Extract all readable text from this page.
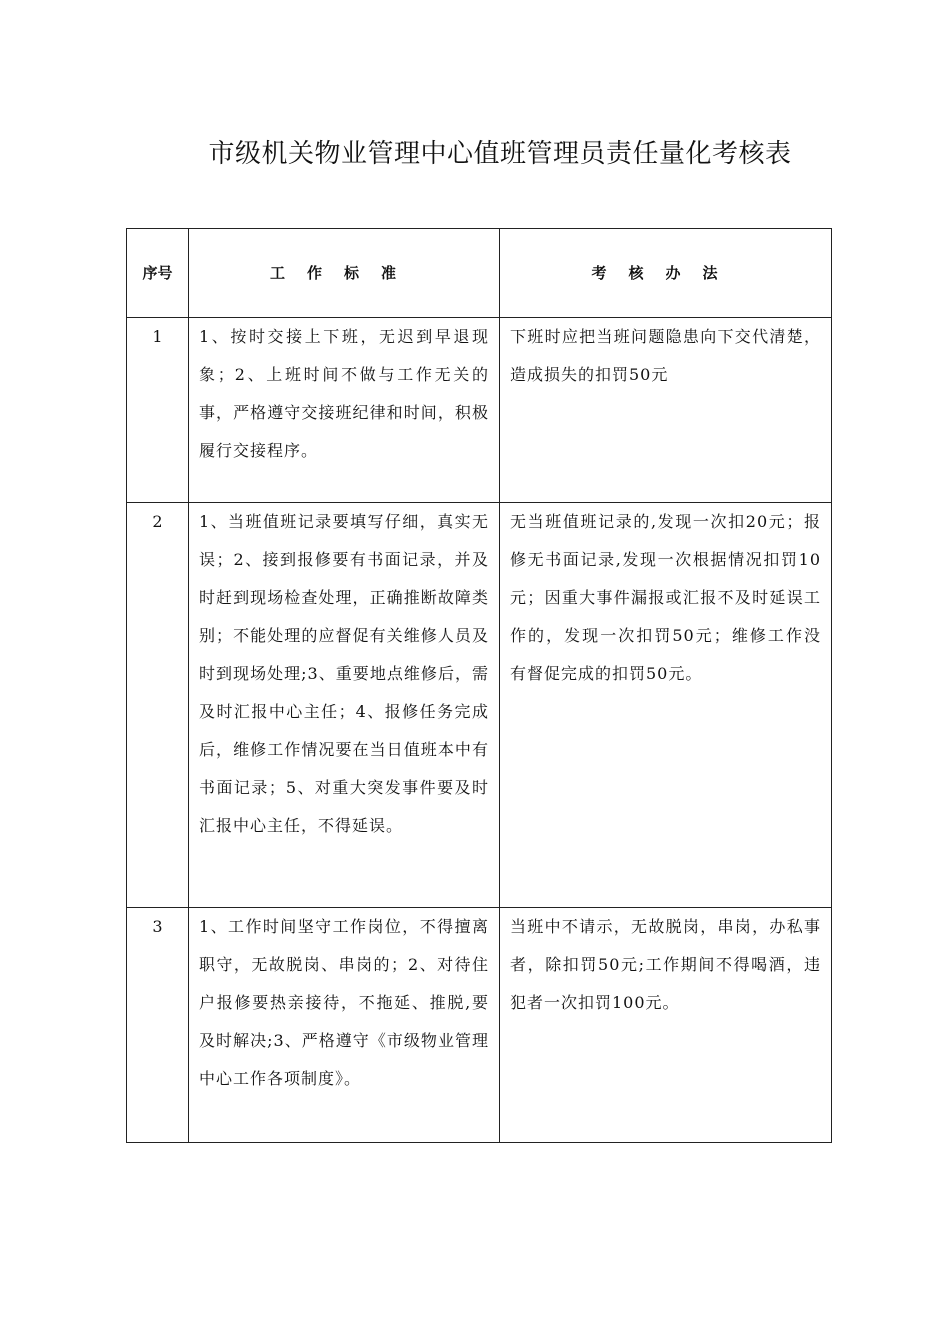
市级机关物业管理中心值班管理员责任量化考核表
序号	工作标准	考核办法
1	1、按时交接上下班，无迟到早退现象；2、上班时间不做与工作无关的事，严格遵守交接班纪律和时间，积极履行交接程序。	下班时应把当班问题隐患向下交代清楚，造成损失的扣罚50元
2	1、当班值班记录要填写仔细，真实无误；2、接到报修要有书面记录，并及时赶到现场检查处理，正确推断故障类别；不能处理的应督促有关维修人员及时到现场处理;3、重要地点维修后，需及时汇报中心主任；4、报修任务完成后，维修工作情况要在当日值班本中有书面记录；5、对重大突发事件要及时汇报中心主任，不得延误。	无当班值班记录的,发现一次扣20元；报修无书面记录,发现一次根据情况扣罚10元；因重大事件漏报或汇报不及时延误工作的，发现一次扣罚50元；维修工作没有督促完成的扣罚50元。
3	1、工作时间坚守工作岗位，不得擅离职守，无故脱岗、串岗的；2、对待住户报修要热亲接待，不拖延、推脱,要及时解决;3、严格遵守《市级物业管理中心工作各项制度》。	当班中不请示，无故脱岗，串岗，办私事者，除扣罚50元;工作期间不得喝酒，违犯者一次扣罚100元。
